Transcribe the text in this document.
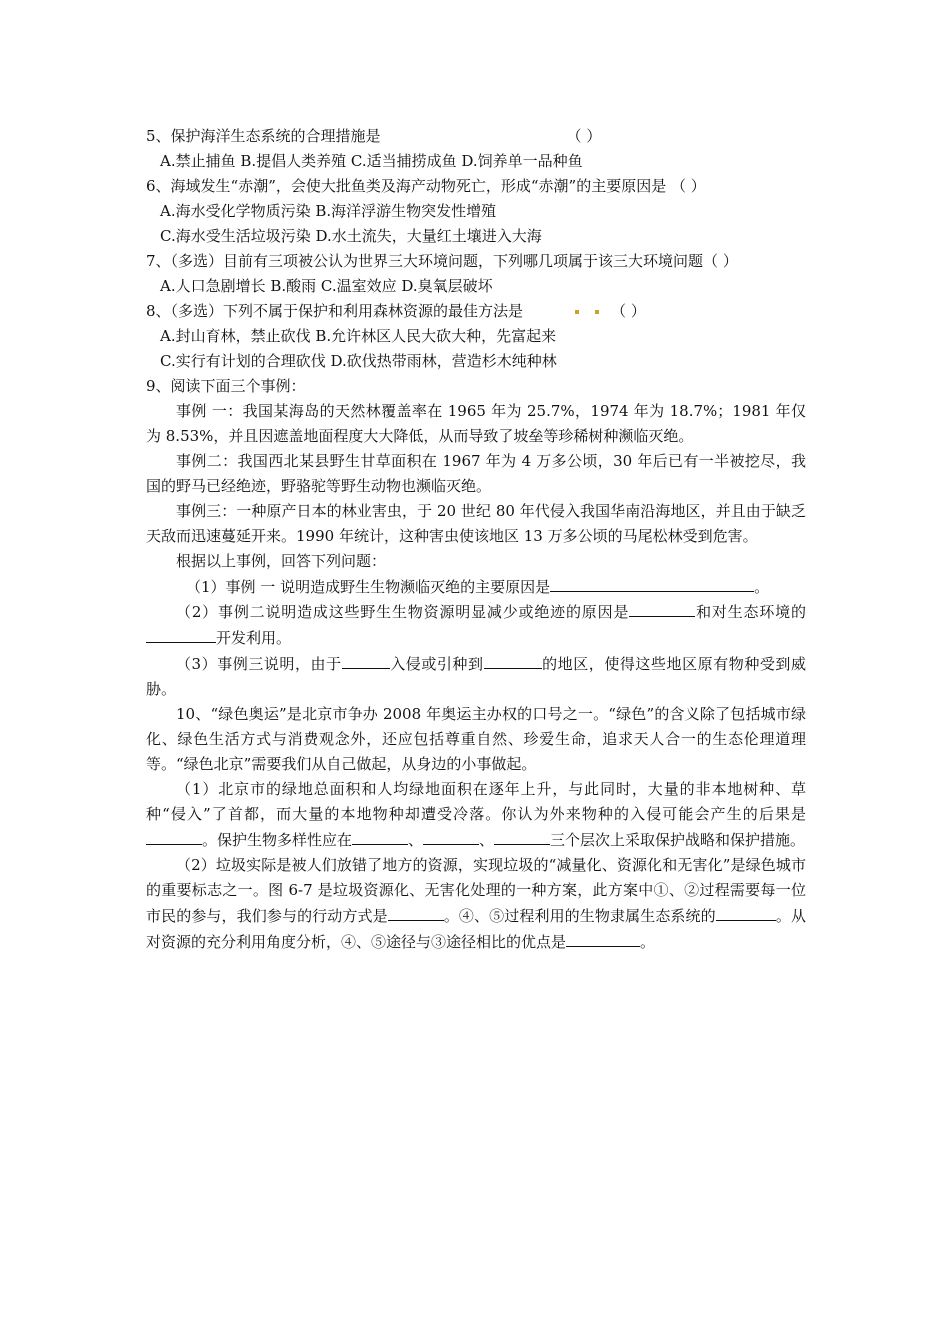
5、保护海洋生态系统的合理措施是	（ ）
A.禁止捕鱼 B.提倡人类养殖 C.适当捕捞成鱼 D.饲养单一品种鱼
6、海域发生“赤潮”，会使大批鱼类及海产动物死亡，形成“赤潮”的主要原因是 （ ）
A.海水受化学物质污染 B.海洋浮游生物突发性增殖
C.海水受生活垃圾污染 D.水土流失，大量红土壤进入大海
7、（多选）目前有三项被公认为世界三大环境问题，下列哪几项属于该三大环境问题（ ）
A.人口急剧增长 B.酸雨 C.温室效应 D.臭氧层破坏
8、（多选）下列不属于保护和利用森林资源的最佳方法是	（ ）
A.封山育林，禁止砍伐 B.允许林区人民大砍大种，先富起来
C.实行有计划的合理砍伐 D.砍伐热带雨林，营造杉木纯种林
9、阅读下面三个事例：
事例 一：我国某海岛的天然林覆盖率在 1965 年为 25.7%，1974 年为 18.7%；1981 年仅为 8.53%，并且因遮盖地面程度大大降低，从而导致了坡垒等珍稀树种濒临灭绝。
事例二：我国西北某县野生甘草面积在 1967 年为 4 万多公顷，30 年后已有一半被挖尽，我国的野马已经绝迹，野骆驼等野生动物也濒临灭绝。
事例三：一种原产日本的林业害虫，于 20 世纪 80 年代侵入我国华南沿海地区，并且由于缺乏天敌而迅速蔓延开来。1990 年统计，这种害虫使该地区 13 万多公顷的马尾松林受到危害。
根据以上事例，回答下列问题：
（1）事例 一 说明造成野生生物濒临灭绝的主要原因是	。
（2）事例二说明造成这些野生生物资源明显减少或绝迹的原因是	和对生态环境的开发利用。
（3）事例三说明，由于	入侵或引种到	的地区，使得这些地区原有物种受到威胁。
10、“绿色奥运”是北京市争办 2008 年奥运主办权的口号之一。“绿色”的含义除了包括城市绿化、绿色生活方式与消费观念外，还应包括尊重自然、珍爱生命，追求天人合一的生态伦理道理等。“绿色北京”需要我们从自己做起，从身边的小事做起。
（1）北京市的绿地总面积和人均绿地面积在逐年上升，与此同时，大量的非本地树种、草种“侵入”了首都，而大量的本地物种却遭受冷落。你认为外来物种的入侵可能会产生的后果是。保护生物多样性应在	、	、	三个层次上采取保护战略和保护措施。
（2）垃圾实际是被人们放错了地方的资源，实现垃圾的“减量化、资源化和无害化”是绿色城市的重要标志之一。图 6-7 是垃圾资源化、无害化处理的一种方案，此方案中①、②过程需要每一位市民的参与，我们参与的行动方式是	。④、⑤过程利用的生物隶属生态系统的	。从对资源的充分利用角度分析，④、⑤途径与③途径相比的优点是	。
